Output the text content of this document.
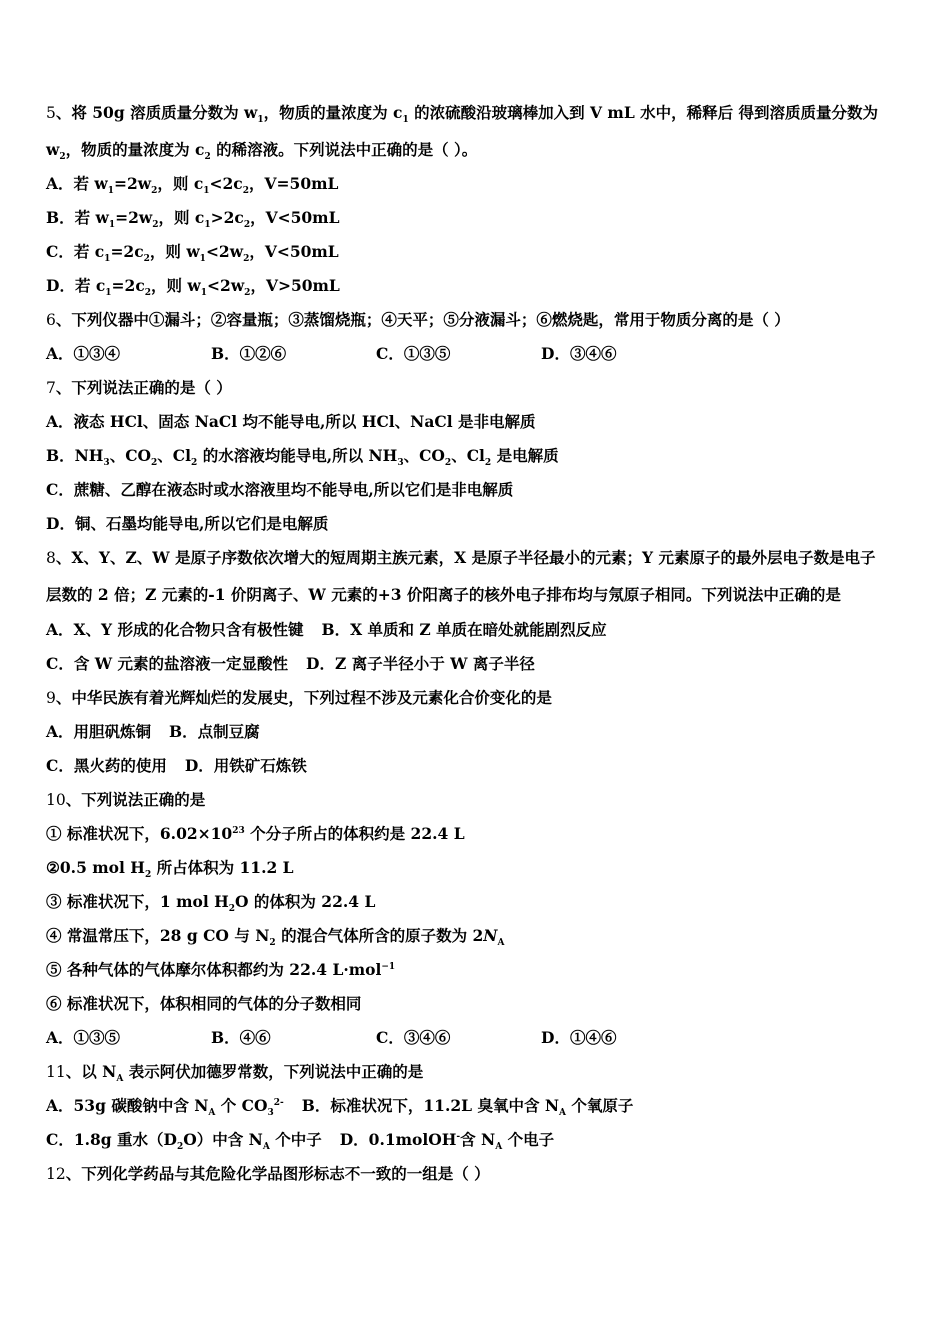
5、将 50g 溶质质量分数为 $w_1$，物质的量浓度为 $c_1$ 的浓硫酸沿玻璃棒加入到 V mL 水中，稀释后 得到溶质质量分数为
$w_2$，物质的量浓度为 $c_2$ 的稀溶液。下列说法中正确的是（ ）。
A．若 $w_1=2w_2$，则 $c_1<2c_2$，V=50mL
B．若 $w_1=2w_2$，则 $c_1>2c_2$，V<50mL
C．若 $c_1=2c_2$，则 $w_1<2w_2$，V<50mL
D．若 $c_1=2c_2$，则 $w_1<2w_2$，V>50mL
6、下列仪器中①漏斗；②容量瓶；③蒸馏烧瓶；④天平；⑤分液漏斗；⑥燃烧匙，常用于物质分离的是（ ）
A．①③④	B．①②⑥	C．①③⑤	D．③④⑥
7、下列说法正确的是（ ）
A．液态 HCl、固态 NaCl 均不能导电,所以 HCl、NaCl 是非电解质
B．$NH_3$、$CO_2$、$Cl_2$ 的水溶液均能导电,所以 $NH_3$、$CO_2$、$Cl_2$ 是电解质
C．蔗糖、乙醇在液态时或水溶液里均不能导电,所以它们是非电解质
D．铜、石墨均能导电,所以它们是电解质
8、X、Y、Z、W 是原子序数依次增大的短周期主族元素，X 是原子半径最小的元素；Y 元素原子的最外层电子数是电子
层数的 2 倍；Z 元素的-1 价阴离子、W 元素的+3 价阳离子的核外电子排布均与氖原子相同。下列说法中正确的是
A．X、Y 形成的化合物只含有极性键 B．X 单质和 Z 单质在暗处就能剧烈反应
C．含 W 元素的盐溶液一定显酸性 D．Z 离子半径小于 W 离子半径
9、中华民族有着光辉灿烂的发展史，下列过程不涉及元素化合价变化的是
A．用胆矾炼铜 B．点制豆腐
C．黑火药的使用 D．用铁矿石炼铁
10、下列说法正确的是
① 标准状况下，$6.02\times 10^{23}$ 个分子所占的体积约是 22.4 L
②0.5 mol $H_2$ 所占体积为 11.2 L
③ 标准状况下，1 mol $H_2O$ 的体积为 22.4 L
④ 常温常压下，28 g CO 与 $N_2$ 的混合气体所含的原子数为 $2N_A$
⑤ 各种气体的气体摩尔体积都约为 22.4 L·mol$^{-1}$
⑥ 标准状况下，体积相同的气体的分子数相同
A．①③⑤	B．④⑥	C．③④⑥	D．①④⑥
11、以 $N_A$ 表示阿伏加德罗常数，下列说法中正确的是
A．53g 碳酸钠中含 $N_A$ 个 $CO_3^{2-}$ B．标准状况下，11.2L 臭氧中含 $N_A$ 个氧原子
C．1.8g 重水$(D_2O)$中含 $N_A$ 个中子 D．0.1molOH-含 $N_A$ 个电子
12、下列化学药品与其危险化学品图形标志不一致的一组是（ ）
